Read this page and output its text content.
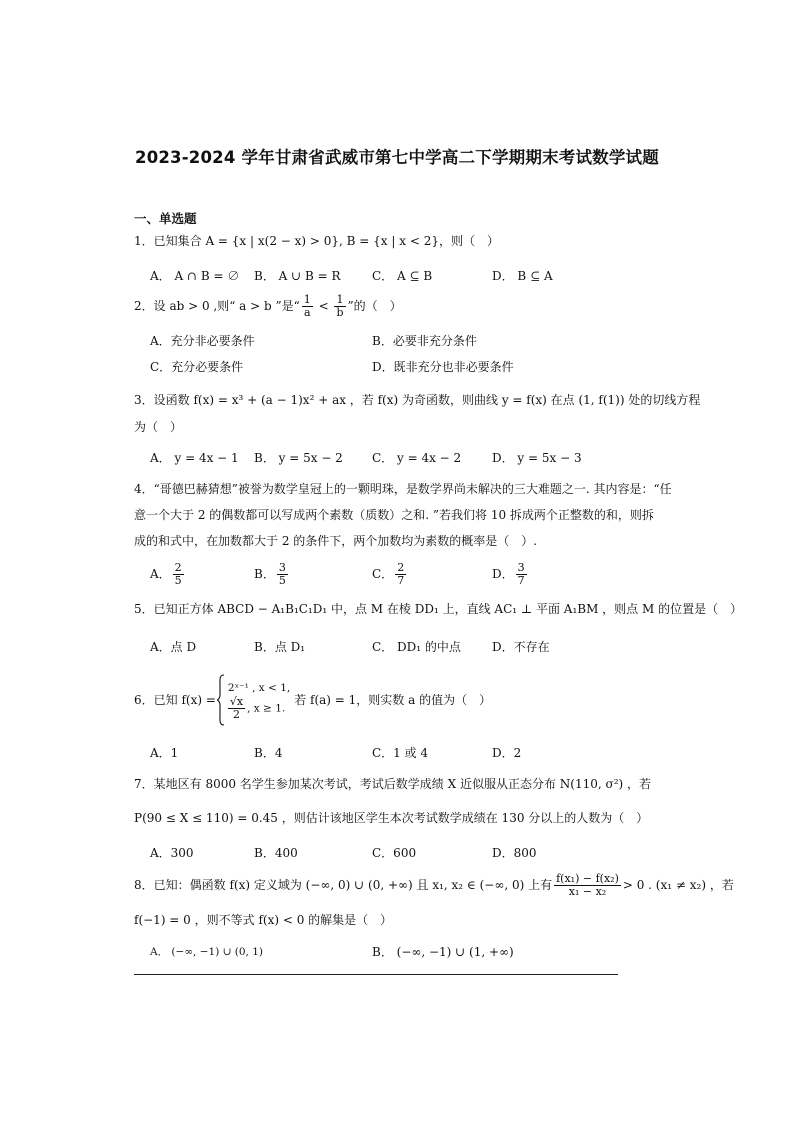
2023-2024 学年甘肃省武威市第七中学高二下学期期末考试数学试题
一、单选题
1．已知集合 A = {x | x(2 − x) > 0}, B = {x | x < 2}，则（　）
A． A ∩ B = ∅ B． A ∪ B = R	C． A ⊆ B	D． B ⊆ A
2．设 ab > 0 ,则“ a > b ”是“ $\frac{1}{a} < \frac{1}{b}$ ”的（　）
A．充分非必要条件	B．必要非充分条件
C．充分必要条件	D．既非充分也非必要条件
3．设函数 f(x) = x³ + (a − 1)x² + ax ，若 f(x) 为奇函数，则曲线 y = f(x) 在点 (1, f(1)) 处的切线方程
为（　）
A． y = 4x − 1 B． y = 5x − 2 C． y = 4x − 2	D． y = 5x − 3
4．“哥德巴赫猜想”被誉为数学皇冠上的一颗明珠，是数学界尚未解决的三大难题之一. 其内容是：“任
意一个大于 2 的偶数都可以写成两个素数（质数）之和. ”若我们将 10 拆成两个正整数的和，则拆
成的和式中，在加数都大于 2 的条件下，两个加数均为素数的概率是（　）.
A． $\frac{2}{5}$	B． $\frac{3}{5}$	C． $\frac{2}{7}$	D． $\frac{3}{7}$
5．已知正方体 ABCD − A₁B₁C₁D₁ 中，点 M 在棱 DD₁ 上，直线 AC₁ ⊥ 平面 A₁BM ，则点 M 的位置是（　）
A．点 D	B．点 D₁	C． DD₁ 的中点	D．不存在
6．已知 f(x) =
2ˣ⁻¹ , x < 1,
$\frac{√x}{2}$ , x ≥ 1.
若 f(a) = 1，则实数 a 的值为（　）
A．1	B．4	C．1 或 4	D．2
7．某地区有 8000 名学生参加某次考试，考试后数学成绩 X 近似服从正态分布 N(110, σ²) ，若
P(90 ≤ X ≤ 110) = 0.45 ，则估计该地区学生本次考试数学成绩在 130 分以上的人数为（　）
A．300	B．400	C．600	D．800
8．已知：偶函数 f(x) 定义域为 (−∞, 0) ∪ (0, +∞) 且 x₁, x₂ ∈ (−∞, 0) 上有 $\frac{\text{f(x₁) − f(x₂)}}{\text{x₁ − x₂}} > 0$ . (x₁ ≠ x₂) ，若
f(−1) = 0 ，则不等式 f(x) < 0 的解集是（　）
A． (−∞, −1) ∪ (0, 1)	B． (−∞, −1) ∪ (1, +∞)
